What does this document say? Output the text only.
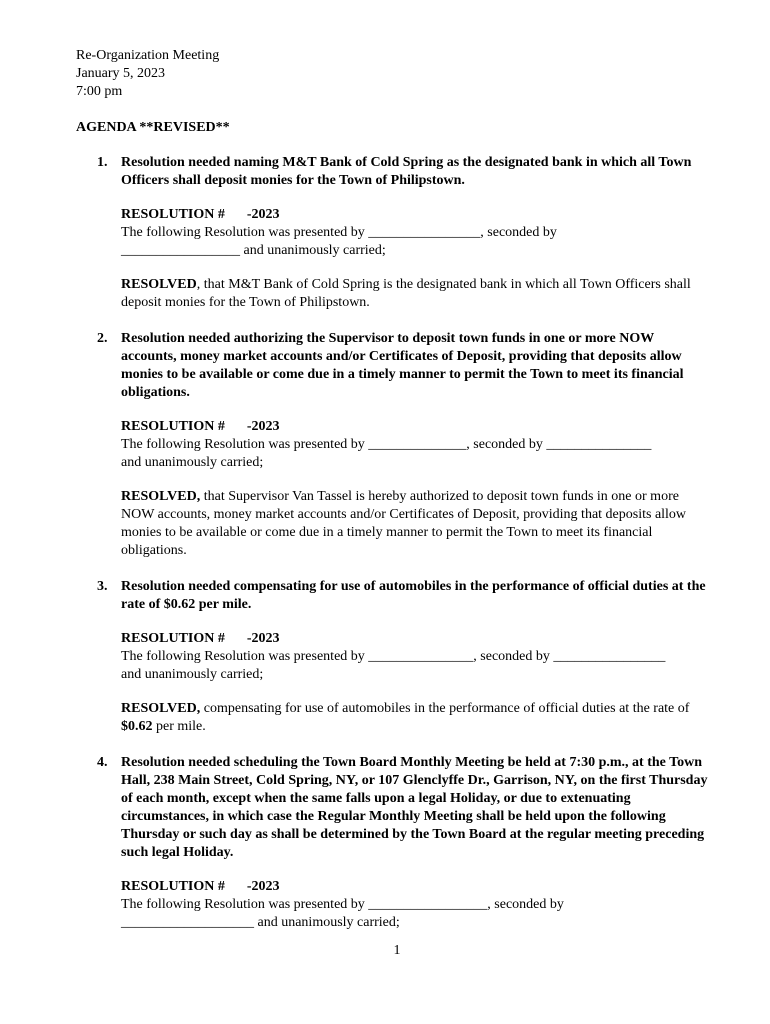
Re-Organization Meeting
January 5, 2023
7:00 pm
AGENDA **REVISED**
1. Resolution needed naming M&T Bank of Cold Spring as the designated bank in which all Town Officers shall deposit monies for the Town of Philipstown.
RESOLUTION # -2023
The following Resolution was presented by ________________, seconded by
_________________ and unanimously carried;
RESOLVED, that M&T Bank of Cold Spring is the designated bank in which all Town Officers shall deposit monies for the Town of Philipstown.
2. Resolution needed authorizing the Supervisor to deposit town funds in one or more NOW accounts, money market accounts and/or Certificates of Deposit, providing that deposits allow monies to be available or come due in a timely manner to permit the Town to meet its financial obligations.
RESOLUTION # -2023
The following Resolution was presented by ______________, seconded by _______________
and unanimously carried;
RESOLVED, that Supervisor Van Tassel is hereby authorized to deposit town funds in one or more NOW accounts, money market accounts and/or Certificates of Deposit, providing that deposits allow monies to be available or come due in a timely manner to permit the Town to meet its financial obligations.
3. Resolution needed compensating for use of automobiles in the performance of official duties at the rate of $0.62 per mile.
RESOLUTION # -2023
The following Resolution was presented by _______________, seconded by ________________
and unanimously carried;
RESOLVED, compensating for use of automobiles in the performance of official duties at the rate of $0.62 per mile.
4. Resolution needed scheduling the Town Board Monthly Meeting be held at 7:30 p.m., at the Town Hall, 238 Main Street, Cold Spring, NY, or 107 Glenclyffe Dr., Garrison, NY, on the first Thursday of each month, except when the same falls upon a legal Holiday, or due to extenuating circumstances, in which case the Regular Monthly Meeting shall be held upon the following Thursday or such day as shall be determined by the Town Board at the regular meeting preceding such legal Holiday.
RESOLUTION # -2023
The following Resolution was presented by _________________, seconded by
___________________ and unanimously carried;
1
